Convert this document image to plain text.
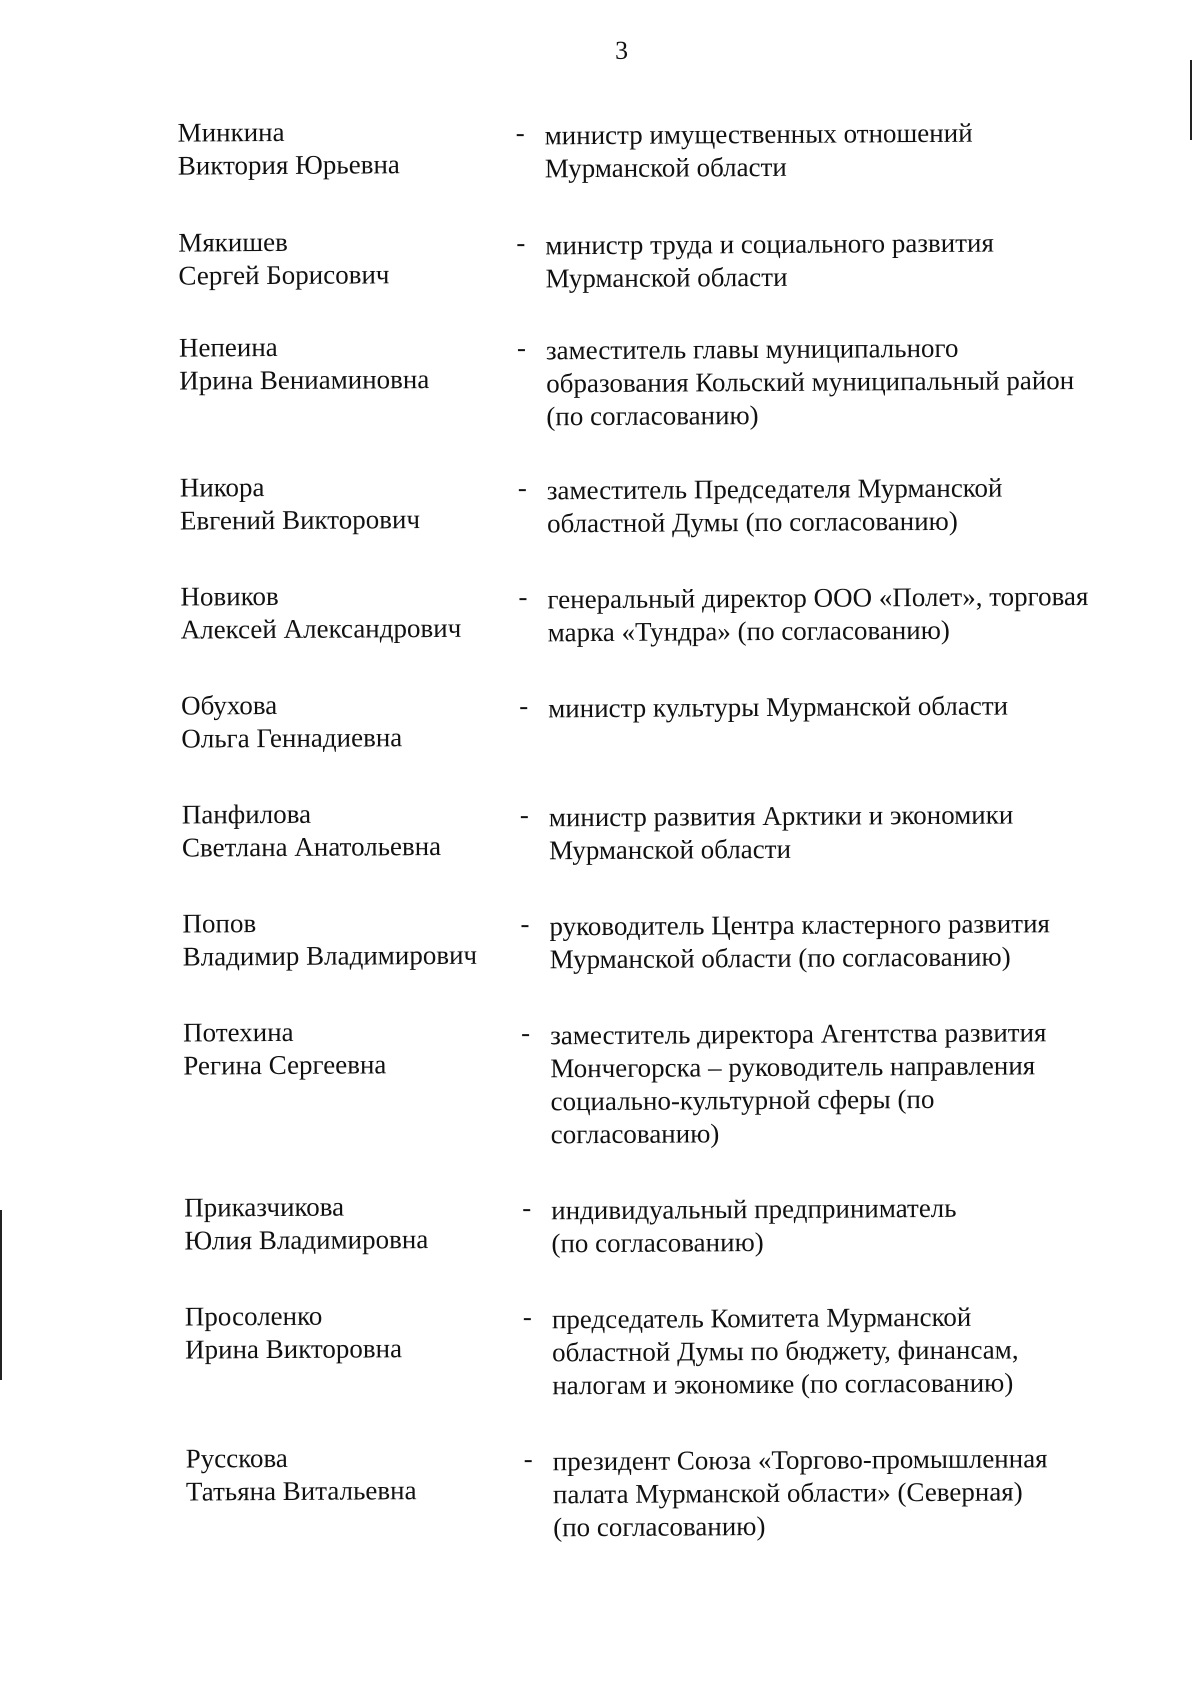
3
Минкина
Виктория Юрьевна
- министр имущественных отношений
Мурманской области
Мякишев
Сергей Борисович
- министр труда и социального развития
Мурманской области
Непеина
Ирина Вениаминовна
- заместитель главы муниципального
образования Кольский муниципальный район
(по согласованию)
Никора
Евгений Викторович
- заместитель Председателя Мурманской
областной Думы (по согласованию)
Новиков
Алексей Александрович
- генеральный директор ООО «Полет», торговая
марка «Тундра» (по согласованию)
Обухова
Ольга Геннадиевна
- министр культуры Мурманской области
Панфилова
Светлана Анатольевна
- министр развития Арктики и экономики
Мурманской области
Попов
Владимир Владимирович
- руководитель Центра кластерного развития
Мурманской области (по согласованию)
Потехина
Регина Сергеевна
- заместитель директора Агентства развития
Мончегорска – руководитель направления
социально-культурной сферы (по
согласованию)
Приказчикова
Юлия Владимировна
- индивидуальный предприниматель
(по согласованию)
Просоленко
Ирина Викторовна
- председатель Комитета Мурманской
областной Думы по бюджету, финансам,
налогам и экономике (по согласованию)
Русскова
Татьяна Витальевна
- президент Союза «Торгово-промышленная
палата Мурманской области» (Северная)
(по согласованию)
